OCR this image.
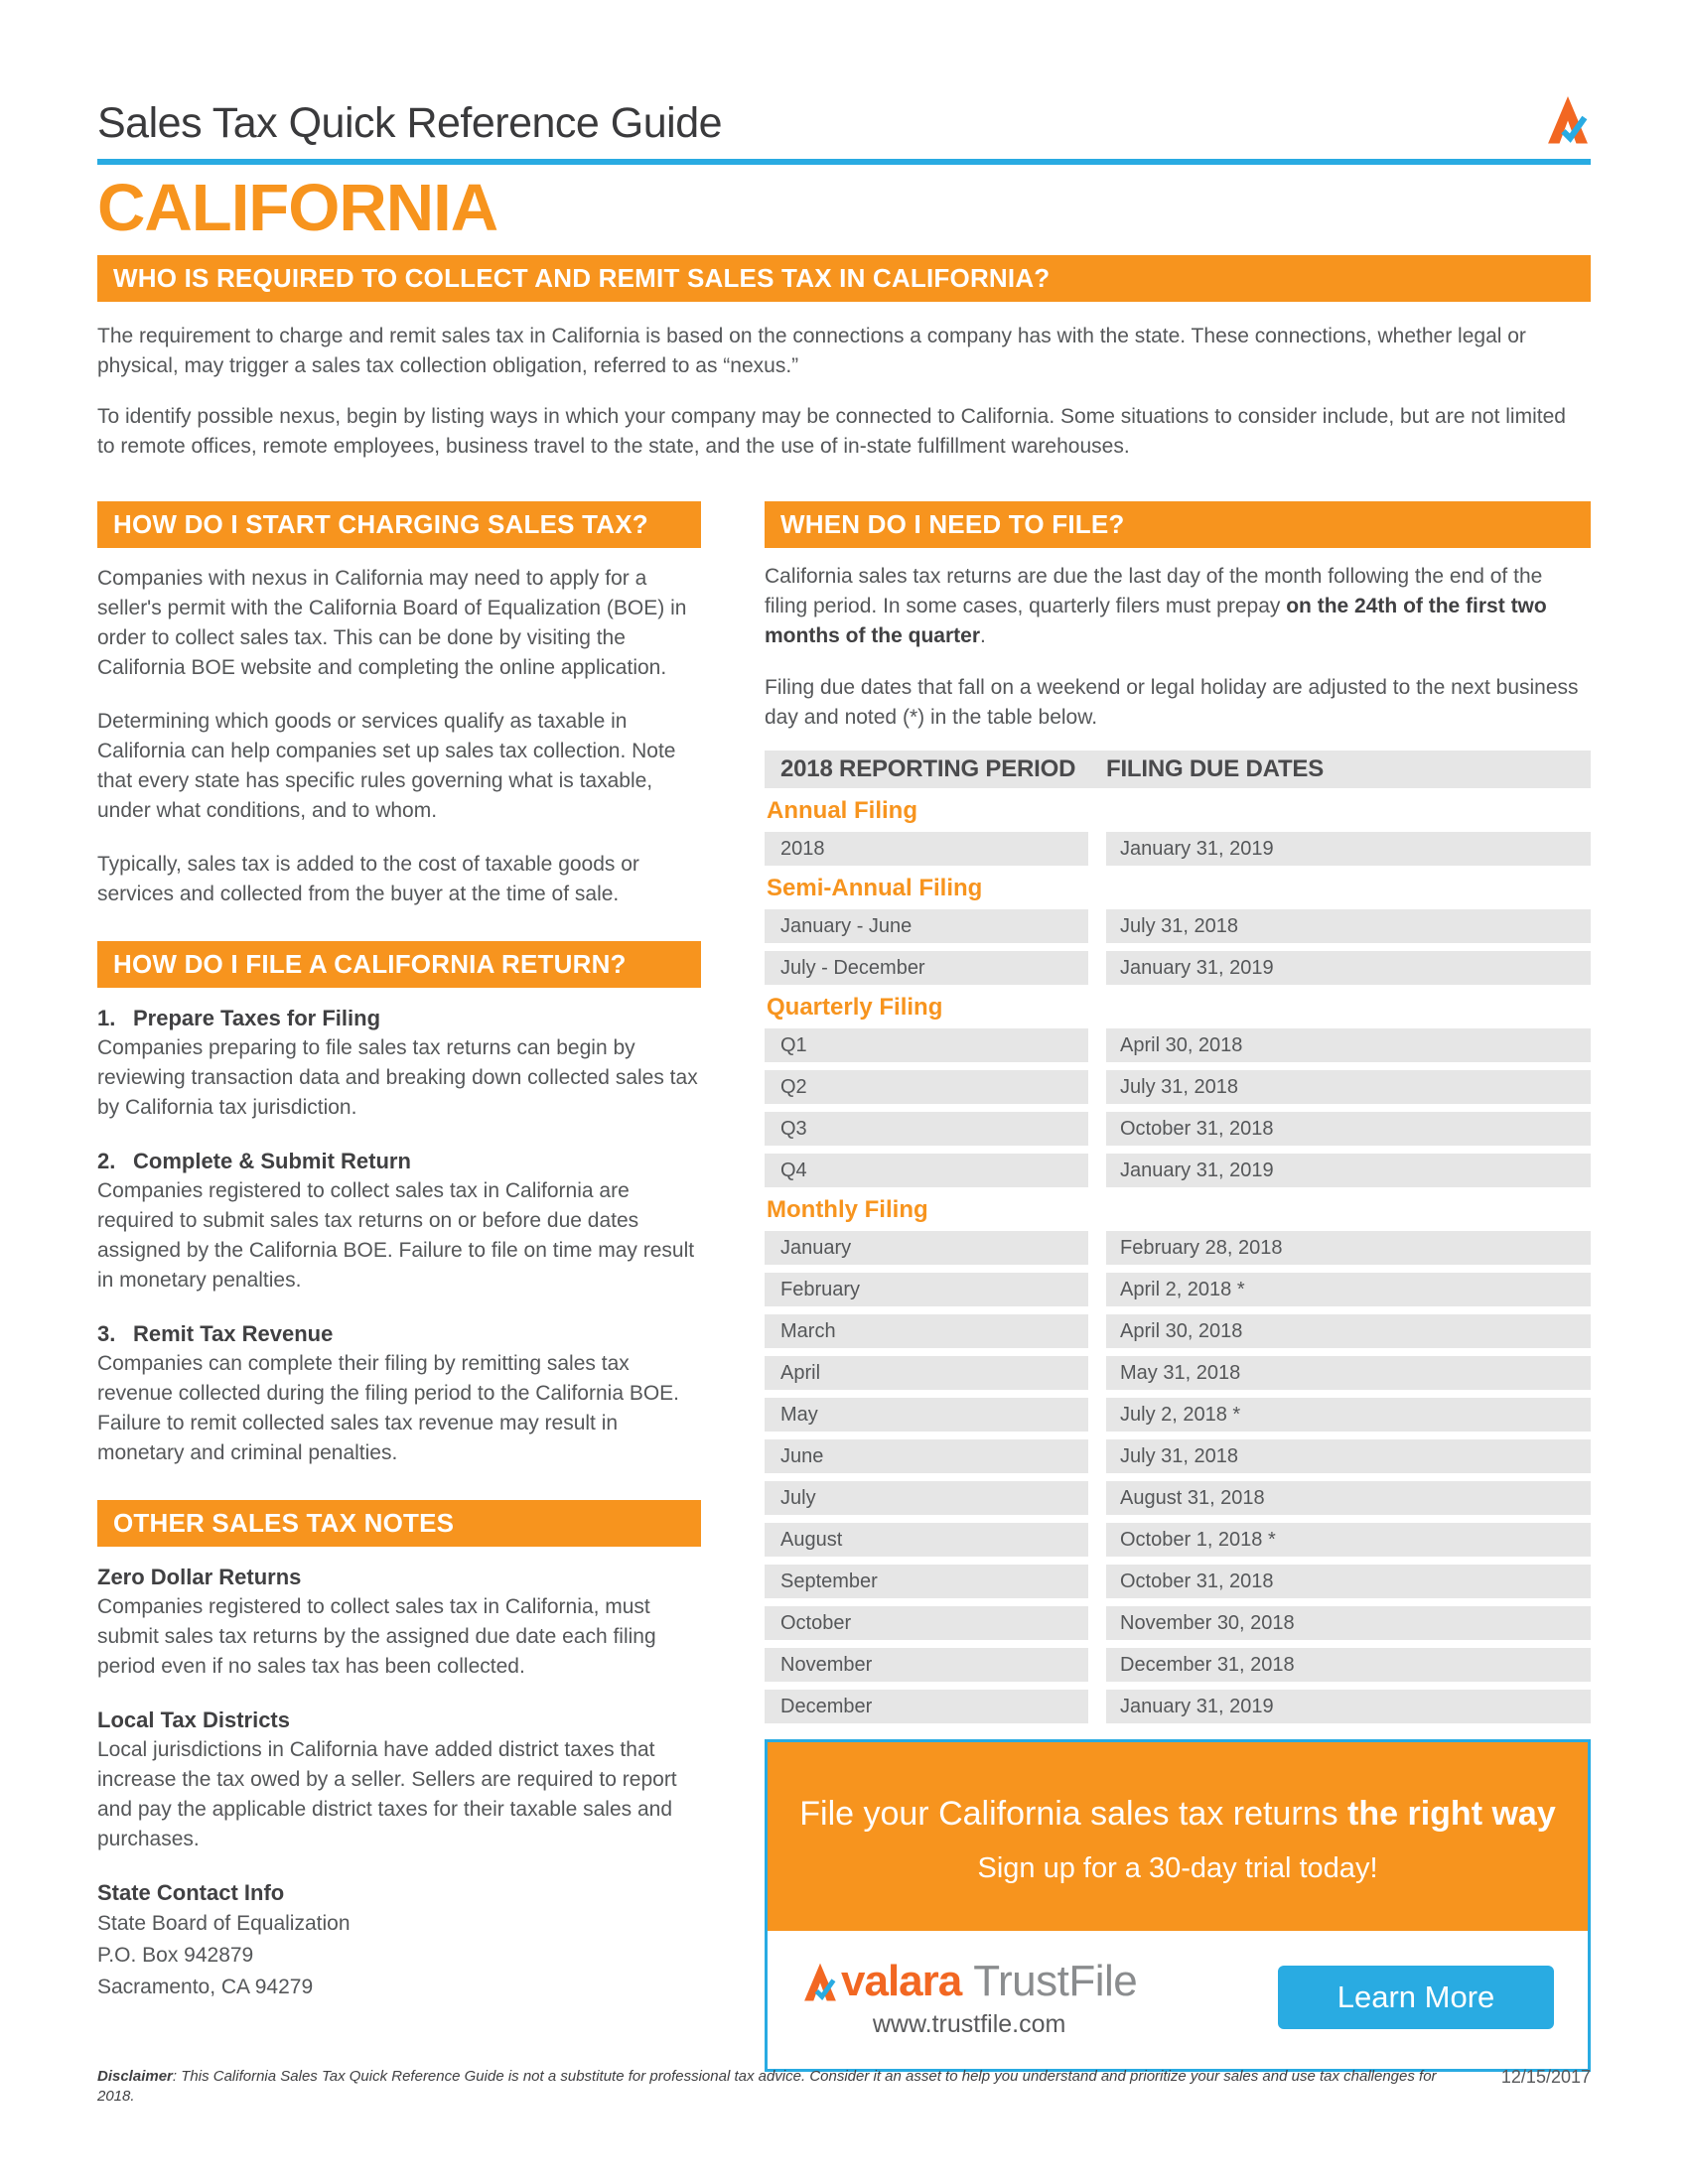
Sales Tax Quick Reference Guide
CALIFORNIA
WHO IS REQUIRED TO COLLECT AND REMIT SALES TAX IN CALIFORNIA?

The requirement to charge and remit sales tax in California is based on the connections a company has with the state. These connections, whether legal or physical, may trigger a sales tax collection obligation, referred to as “nexus.”

To identify possible nexus, begin by listing ways in which your company may be connected to California. Some situations to consider include, but are not limited to remote offices, remote employees, business travel to the state, and the use of in-state fulfillment warehouses.

HOW DO I START CHARGING SALES TAX?

Companies with nexus in California may need to apply for a seller's permit with the California Board of Equalization (BOE) in order to collect sales tax. This can be done by visiting the California BOE website and completing the online application.

Determining which goods or services qualify as taxable in California can help companies set up sales tax collection. Note that every state has specific rules governing what is taxable, under what conditions, and to whom.

Typically, sales tax is added to the cost of taxable goods or services and collected from the buyer at the time of sale.

HOW DO I FILE A CALIFORNIA RETURN?
1. Prepare Taxes for Filing
Companies preparing to file sales tax returns can begin by reviewing transaction data and breaking down collected sales tax by California tax jurisdiction.
2. Complete & Submit Return
Companies registered to collect sales tax in California are required to submit sales tax returns on or before due dates assigned by the California BOE. Failure to file on time may result in monetary penalties.
3. Remit Tax Revenue
Companies can complete their filing by remitting sales tax revenue collected during the filing period to the California BOE. Failure to remit collected sales tax revenue may result in monetary and criminal penalties.
OTHER SALES TAX NOTES
Zero Dollar Returns
Companies registered to collect sales tax in California, must submit sales tax returns by the assigned due date each filing period even if no sales tax has been collected.
Local Tax Districts
Local jurisdictions in California have added district taxes that increase the tax owed by a seller. Sellers are required to report and pay the applicable district taxes for their taxable sales and purchases.
State Contact Info
State Board of Equalization
P.O. Box 942879
Sacramento, CA 94279
WHEN DO I NEED TO FILE?

California sales tax returns are due the last day of the month following the end of the filing period. In some cases, quarterly filers must prepay on the 24th of the first two months of the quarter.

Filing due dates that fall on a weekend or legal holiday are adjusted to the next business day and noted (*) in the table below.

2018 REPORTING PERIOD	FILING DUE DATES
Annual Filing
2018	January 31, 2019
Semi-Annual Filing
January - June	July 31, 2018
July - December	January 31, 2019
Quarterly Filing
Q1	April 30, 2018
Q2	July 31, 2018
Q3	October 31, 2018
Q4	January 31, 2019
Monthly Filing
January	February 28, 2018
February	April 2, 2018 *
March	April 30, 2018
April	May 31, 2018
May	July 2, 2018 *
June	July 31, 2018
July	August 31, 2018
August	October 1, 2018 *
September	October 31, 2018
October	November 30, 2018
November	December 31, 2018
December	January 31, 2019
File your California sales tax returns the right way
Sign up for a 30-day trial today!
valara TrustFile
www.trustfile.com
Learn More
Disclaimer: This California Sales Tax Quick Reference Guide is not a substitute for professional tax advice. Consider it an asset to help you understand and prioritize your sales and use tax challenges for 2018.
12/15/2017
